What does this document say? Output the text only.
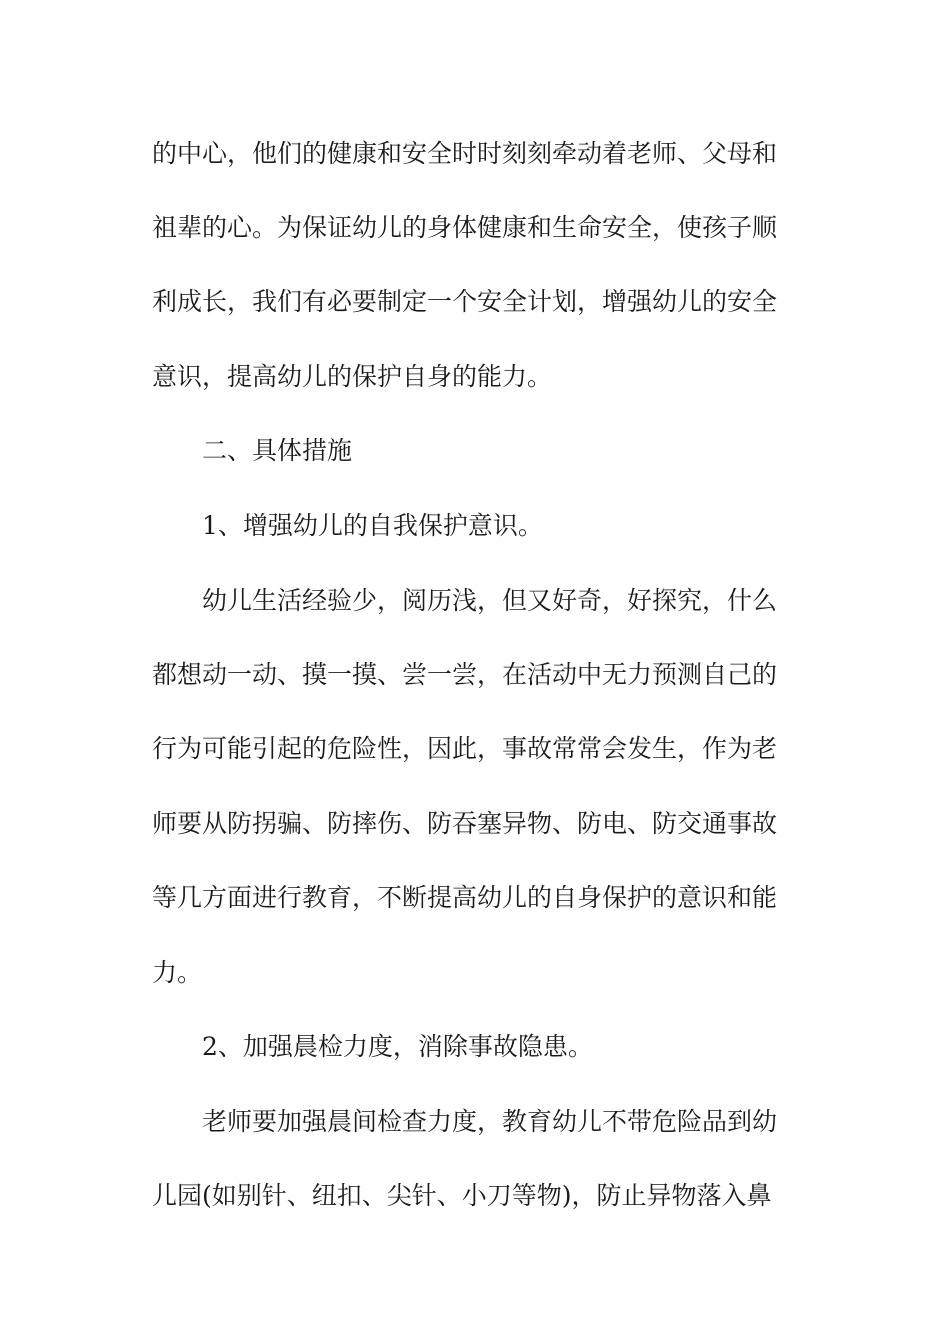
的中心，他们的健康和安全时时刻刻牵动着老师、父母和
祖辈的心。为保证幼儿的身体健康和生命安全，使孩子顺
利成长，我们有必要制定一个安全计划，增强幼儿的安全
意识，提高幼儿的保护自身的能力。
二、具体措施
1、增强幼儿的自我保护意识。
幼儿生活经验少，阅历浅，但又好奇，好探究，什么
都想动一动、摸一摸、尝一尝，在活动中无力预测自己的
行为可能引起的危险性，因此，事故常常会发生，作为老
师要从防拐骗、防摔伤、防吞塞异物、防电、防交通事故
等几方面进行教育，不断提高幼儿的自身保护的意识和能
力。
2、加强晨检力度，消除事故隐患。
老师要加强晨间检查力度，教育幼儿不带危险品到幼
儿园(如别针、纽扣、尖针、小刀等物)，防止异物落入鼻
